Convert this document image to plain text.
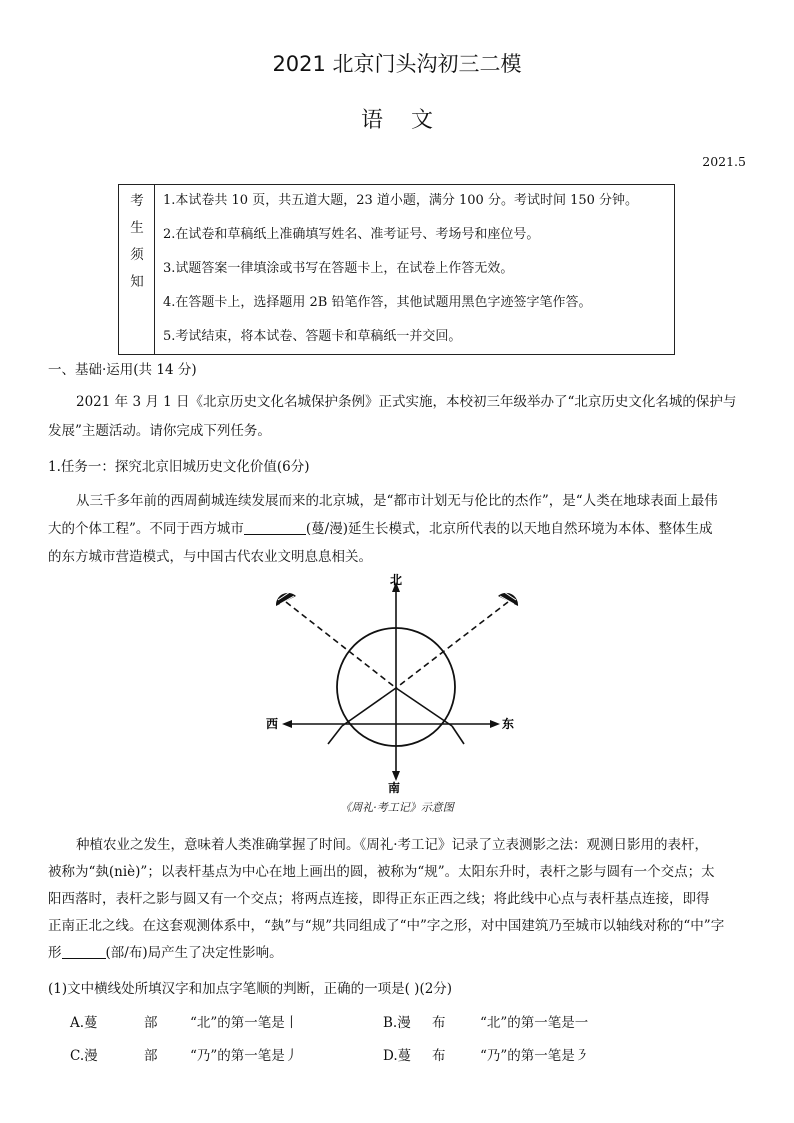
2021 北京门头沟初三二模
语文
2021.5
考
生
须
知
1.本试卷共 10 页，共五道大题，23 道小题，满分 100 分。考试时间 150 分钟。
2.在试卷和草稿纸上准确填写姓名、准考证号、考场号和座位号。
3.试题答案一律填涂或书写在答题卡上，在试卷上作答无效。
4.在答题卡上，选择题用 2B 铅笔作答，其他试题用黑色字迹签字笔作答。
5.考试结束，将本试卷、答题卡和草稿纸一并交回。
一、基础·运用(共 14 分)
2021 年 3 月 1 日《北京历史文化名城保护条例》正式实施，本校初三年级举办了“北京历史文化名城的保护与
发展”主题活动。请你完成下列任务。
1.任务一：探究北京旧城历史文化价值(6分)
从三千多年前的西周蓟城连续发展而来的北京城，是“都市计划无与伦比的杰作”，是“人类在地球表面上最伟
大的个体工程”。不同于西方城市	(蔓/漫)延生长模式，北京所代表的以天地自然环境为本体、整体生成
的东方城市营造模式，与中国古代农业文明息息相关。
北
南
东
西
《周礼·考工记》示意图
种植农业之发生，意味着人类准确掌握了时间。《周礼·考工记》记录了立表测影之法：观测日影用的表杆，
被称为“埶(niè)”；以表杆基点为中心在地上画出的圆，被称为“规”。太阳东升时，表杆之影与圆有一个交点；太
阳西落时，表杆之影与圆又有一个交点；将两点连接，即得正东正西之线；将此线中心点与表杆基点连接，即得
正南正北之线。在这套观测体系中，“埶”与“规”共同组成了“中”字之形，对中国建筑乃至城市以轴线对称的“中”字
形	(部/布)局产生了决定性影响。
(1)文中横线处所填汉字和加点字笔顺的判断，正确的一项是( )(2分)
A.蔓	部 “北”的第一笔是丨	B.漫 布	“北”的第一笔是一
C.漫	部 “乃”的第一笔是丿	D.蔓 布	“乃”的第一笔是㇋
